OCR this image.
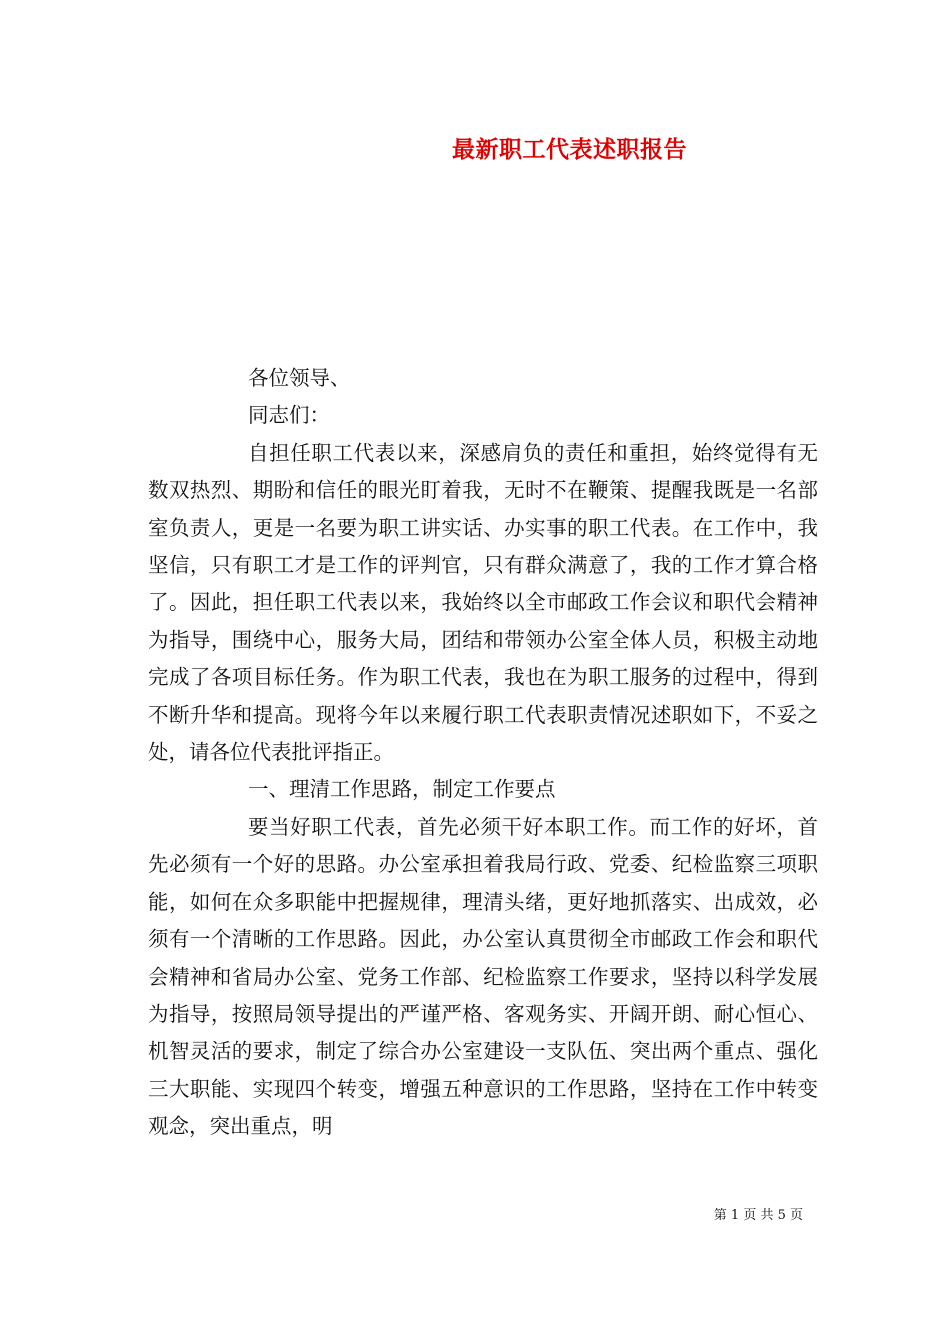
最新职工代表述职报告

各位领导、

同志们：

自担任职工代表以来，深感肩负的责任和重担，始终觉得有无数双热烈、期盼和信任的眼光盯着我，无时不在鞭策、提醒我既是一名部室负责人，更是一名要为职工讲实话、办实事的职工代表。在工作中，我坚信，只有职工才是工作的评判官，只有群众满意了，我的工作才算合格了。因此，担任职工代表以来，我始终以全市邮政工作会议和职代会精神为指导，围绕中心，服务大局，团结和带领办公室全体人员，积极主动地完成了各项目标任务。作为职工代表，我也在为职工服务的过程中，得到不断升华和提高。现将今年以来履行职工代表职责情况述职如下，不妥之处，请各位代表批评指正。

一、理清工作思路，制定工作要点

要当好职工代表，首先必须干好本职工作。而工作的好坏，首先必须有一个好的思路。办公室承担着我局行政、党委、纪检监察三项职能，如何在众多职能中把握规律，理清头绪，更好地抓落实、出成效，必须有一个清晰的工作思路。因此，办公室认真贯彻全市邮政工作会和职代会精神和省局办公室、党务工作部、纪检监察工作要求，坚持以科学发展为指导，按照局领导提出的严谨严格、客观务实、开阔开朗、耐心恒心、机智灵活的要求，制定了综合办公室建设一支队伍、突出两个重点、强化三大职能、实现四个转变，增强五种意识的工作思路，坚持在工作中转变观念，突出重点，明

第 1 页 共 5 页
